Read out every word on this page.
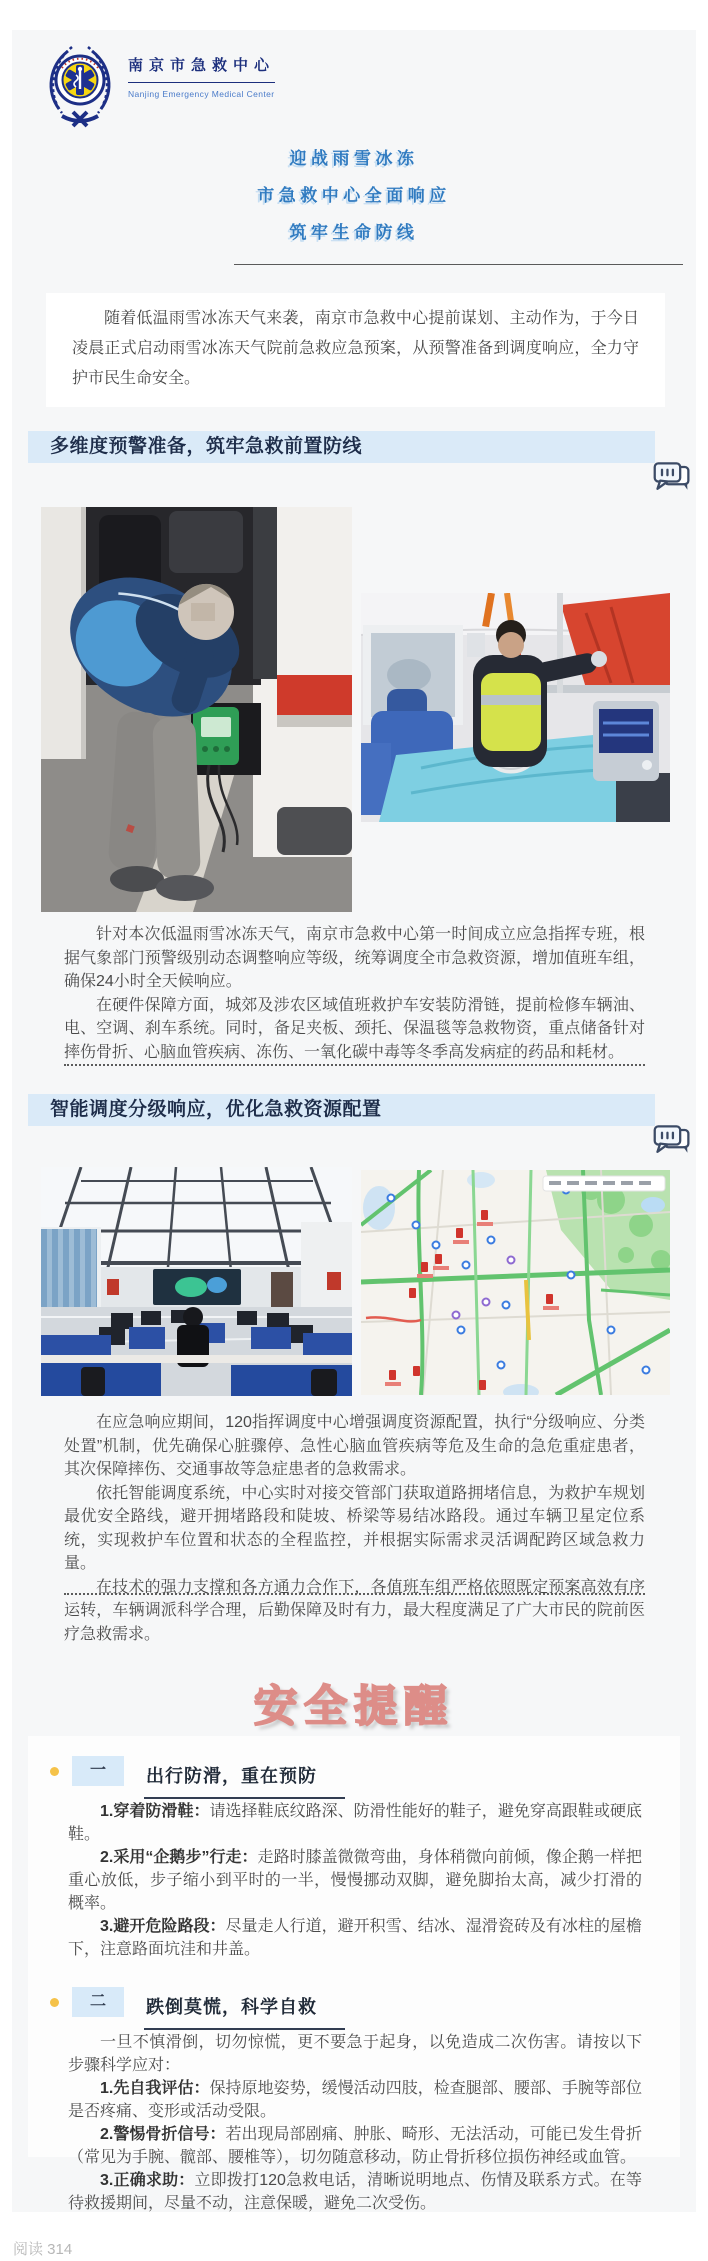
南京市急救中心
Nanjing Emergency Medical Center
迎战雨雪冰冻
市急救中心全面响应
筑牢生命防线

随着低温雨雪冰冻天气来袭，南京市急救中心提前谋划、主动作为，于今日凌晨正式启动雨雪冰冻天气院前急救应急预案，从预警准备到调度响应，全力守护市民生命安全。

多维度预警准备，筑牢急救前置防线

针对本次低温雨雪冰冻天气，南京市急救中心第一时间成立应急指挥专班，根据气象部门预警级别动态调整响应等级，统筹调度全市急救资源，增加值班车组，确保24小时全天候响应。

在硬件保障方面，城郊及涉农区域值班救护车安装防滑链，提前检修车辆油、电、空调、刹车系统。同时，备足夹板、颈托、保温毯等急救物资，重点储备针对摔伤骨折、心脑血管疾病、冻伤、一氧化碳中毒等冬季高发病症的药品和耗材。

智能调度分级响应，优化急救资源配置

在应急响应期间，120指挥调度中心增强调度资源配置，执行“分级响应、分类处置”机制，优先确保心脏骤停、急性心脑血管疾病等危及生命的急危重症患者，其次保障摔伤、交通事故等急症患者的急救需求。

依托智能调度系统，中心实时对接交管部门获取道路拥堵信息，为救护车规划最优安全路线，避开拥堵路段和陡坡、桥梁等易结冰路段。通过车辆卫星定位系统，实现救护车位置和状态的全程监控，并根据实际需求灵活调配跨区域急救力量。

在技术的强力支撑和各方通力合作下，各值班车组严格依照既定预案高效有序运转，车辆调派科学合理，后勤保障及时有力，最大程度满足了广大市民的院前医疗急救需求。

安全提醒
一	出行防滑，重在预防

1.穿着防滑鞋：请选择鞋底纹路深、防滑性能好的鞋子，避免穿高跟鞋或硬底鞋。

2.采用“企鹅步”行走：走路时膝盖微微弯曲，身体稍微向前倾，像企鹅一样把重心放低，步子缩小到平时的一半，慢慢挪动双脚，避免脚抬太高，减少打滑的概率。

3.避开危险路段：尽量走人行道，避开积雪、结冰、湿滑瓷砖及有冰柱的屋檐下，注意路面坑洼和井盖。

二	跌倒莫慌，科学自救

一旦不慎滑倒，切勿惊慌，更不要急于起身，以免造成二次伤害。请按以下步骤科学应对：

1.先自我评估：保持原地姿势，缓慢活动四肢，检查腿部、腰部、手腕等部位是否疼痛、变形或活动受限。

2.警惕骨折信号：若出现局部剧痛、肿胀、畸形、无法活动，可能已发生骨折（常见为手腕、髋部、腰椎等），切勿随意移动，防止骨折移位损伤神经或血管。

3.正确求助：立即拨打120急救电话，清晰说明地点、伤情及联系方式。在等待救援期间，尽量不动，注意保暖，避免二次受伤。

阅读 314
